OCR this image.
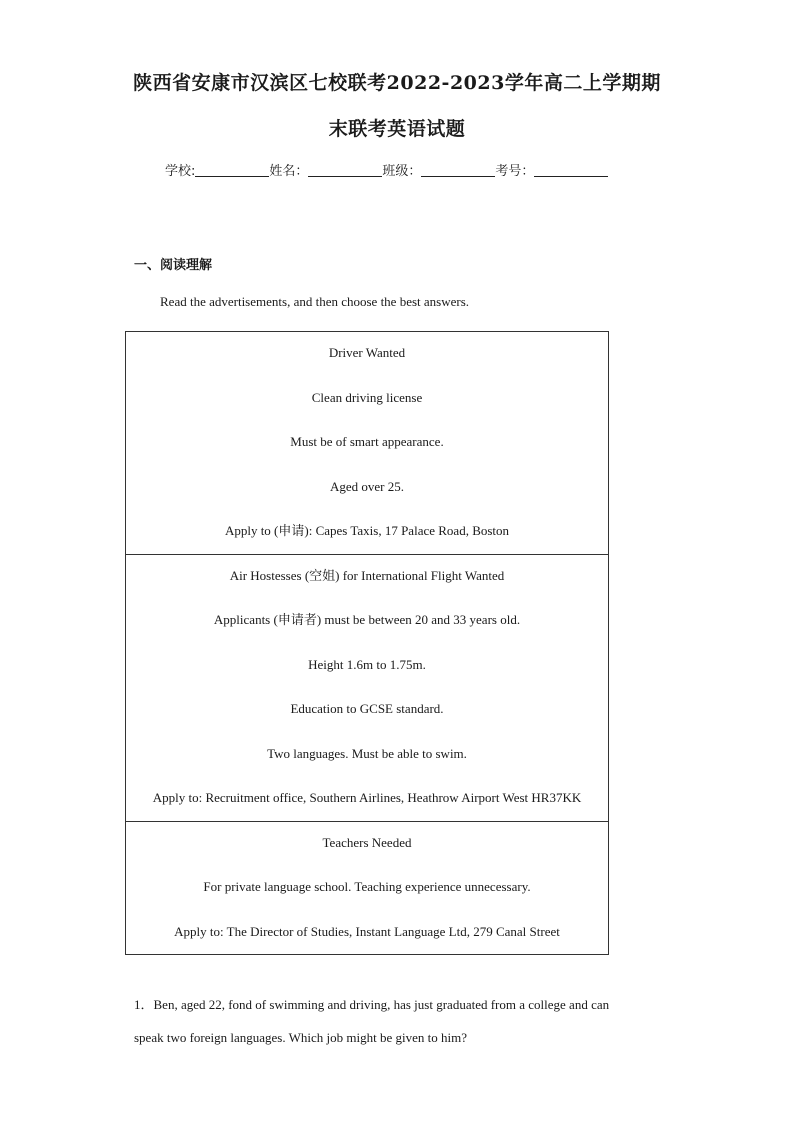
陕西省安康市汉滨区七校联考2022-2023学年高二上学期期
末联考英语试题
学校:	姓名：	班级：	考号：
一、阅读理解
Read the advertisements, and then choose the best answers.
Driver Wanted
Clean driving license
Must be of smart appearance.
Aged over 25.
Apply to (申请): Capes Taxis, 17 Palace Road, Boston
Air Hostesses (空姐) for International Flight Wanted
Applicants (申请者) must be between 20 and 33 years old.
Height 1.6m to 1.75m.
Education to GCSE standard.
Two languages. Must be able to swim.
Apply to: Recruitment office, Southern Airlines, Heathrow Airport West HR37KK
Teachers Needed
For private language school. Teaching experience unnecessary.
Apply to: The Director of Studies, Instant Language Ltd, 279 Canal Street
1．Ben, aged 22, fond of swimming and driving, has just graduated from a college and can
speak two foreign languages. Which job might be given to him?
